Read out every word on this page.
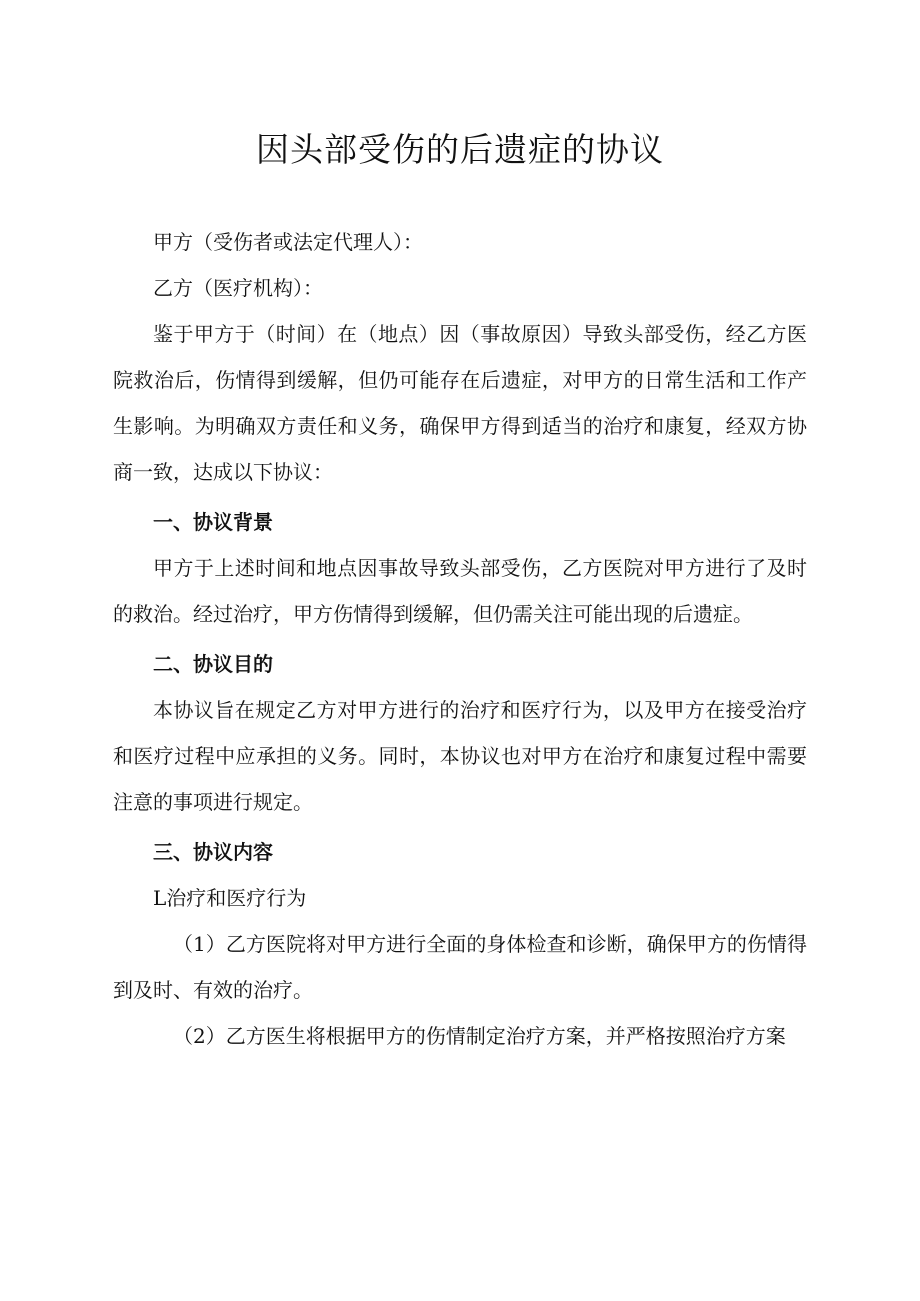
因头部受伤的后遗症的协议

甲方（受伤者或法定代理人）：

乙方（医疗机构）：

鉴于甲方于（时间）在（地点）因（事故原因）导致头部受伤，经乙方医院救治后，伤情得到缓解，但仍可能存在后遗症，对甲方的日常生活和工作产生影响。为明确双方责任和义务，确保甲方得到适当的治疗和康复，经双方协商一致，达成以下协议：

一、协议背景

甲方于上述时间和地点因事故导致头部受伤，乙方医院对甲方进行了及时的救治。经过治疗，甲方伤情得到缓解，但仍需关注可能出现的后遗症。

二、协议目的

本协议旨在规定乙方对甲方进行的治疗和医疗行为，以及甲方在接受治疗和医疗过程中应承担的义务。同时，本协议也对甲方在治疗和康复过程中需要注意的事项进行规定。

三、协议内容

L治疗和医疗行为

（1）乙方医院将对甲方进行全面的身体检查和诊断，确保甲方的伤情得到及时、有效的治疗。

（2）乙方医生将根据甲方的伤情制定治疗方案，并严格按照治疗方案
